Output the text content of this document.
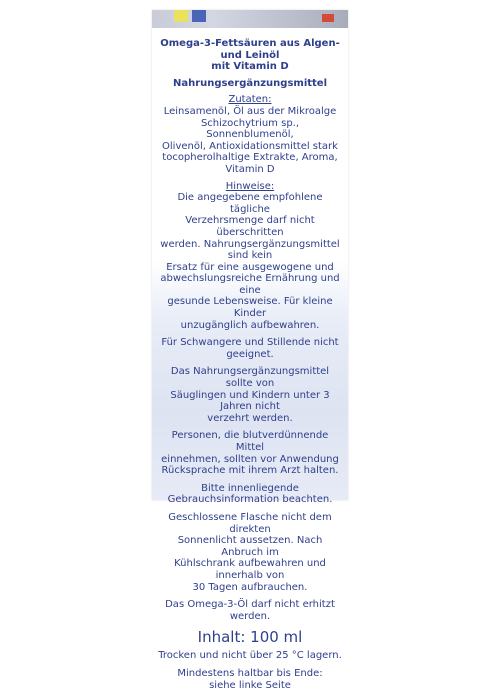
Omega-3-Fettsäuren aus Algen- und Leinöl

mit Vitamin D

Nahrungsergänzungsmittel

Zutaten:

Leinsamenöl, Öl aus der Mikroalge

Schizochytrium sp., Sonnenblumenöl,

Olivenöl, Antioxidationsmittel stark

tocopherolhaltige Extrakte, Aroma, Vitamin D

Hinweise:

Die angegebene empfohlene tägliche

Verzehrsmenge darf nicht überschritten

werden. Nahrungsergänzungsmittel sind kein

Ersatz für eine ausgewogene und

abwechslungsreiche Ernährung und eine

gesunde Lebensweise. Für kleine Kinder

unzugänglich aufbewahren.

Für Schwangere und Stillende nicht geeignet.

Das Nahrungsergänzungsmittel sollte von

Säuglingen und Kindern unter 3 Jahren nicht

verzehrt werden.

Personen, die blutverdünnende Mittel

einnehmen, sollten vor Anwendung

Rücksprache mit ihrem Arzt halten.

Bitte innenliegende

Gebrauchsinformation beachten.

Geschlossene Flasche nicht dem direkten

Sonnenlicht aussetzen. Nach Anbruch im

Kühlschrank aufbewahren und innerhalb von

30 Tagen aufbrauchen.

Das Omega-3-Öl darf nicht erhitzt werden.

Inhalt: 100 ml

Trocken und nicht über 25 °C lagern.

Mindestens haltbar bis Ende:

siehe linke Seite
